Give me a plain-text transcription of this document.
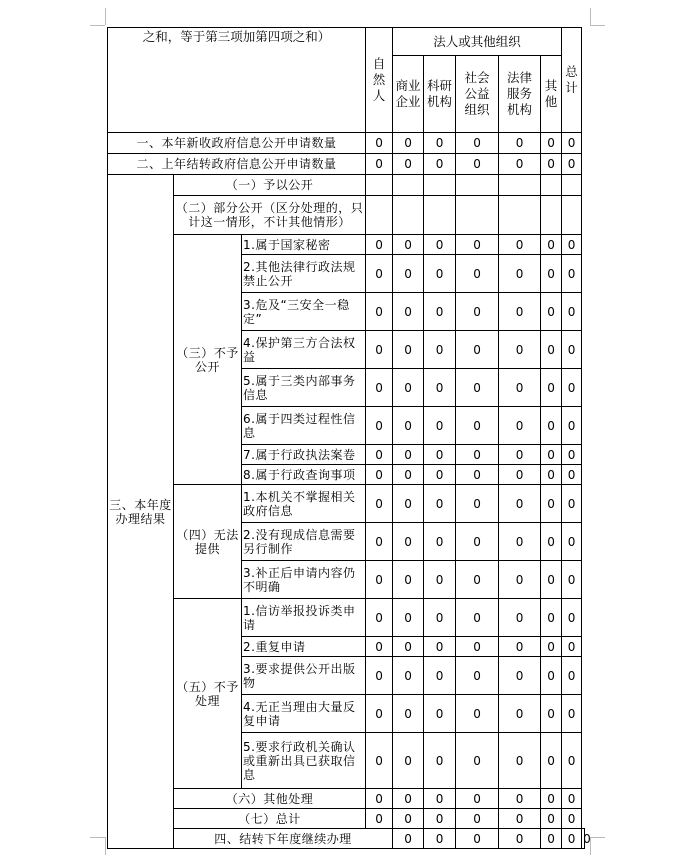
之和，等于第三项加第四项之和）			自然人	法人或其他组织					总计	
				商业企业	科研机构	社会公益组织	法律服务机构	其他		
一、本年新收政府信息公开申请数量			0	0	0	0	0	0	0	
二、上年结转政府信息公开申请数量			0	0	0	0	0	0	0	
三、本年度办理结果	（一）予以公开									
	（二）部分公开（区分处理的，只计这一情形，不计其他情形）									
	（三）不予公开	1.属于国家秘密	0	0	0	0	0	0	0	
		2.其他法律行政法规禁止公开	0	0	0	0	0	0	0	
		3.危及“三安全一稳定”	0	0	0	0	0	0	0	
		4.保护第三方合法权益	0	0	0	0	0	0	0	
		5.属于三类内部事务信息	0	0	0	0	0	0	0	
		6.属于四类过程性信息	0	0	0	0	0	0	0	
		7.属于行政执法案卷	0	0	0	0	0	0	0	
		8.属于行政查询事项	0	0	0	0	0	0	0	
	（四）无法提供	1.本机关不掌握相关政府信息	0	0	0	0	0	0	0	
		2.没有现成信息需要另行制作	0	0	0	0	0	0	0	
		3.补正后申请内容仍不明确	0	0	0	0	0	0	0	
	（五）不予处理	1.信访举报投诉类申请	0	0	0	0	0	0	0	
		2.重复申请	0	0	0	0	0	0	0	
		3.要求提供公开出版物	0	0	0	0	0	0	0	
		4.无正当理由大量反复申请	0	0	0	0	0	0	0	
		5.要求行政机关确认或重新出具已获取信息	0	0	0	0	0	0	0	
	（六）其他处理		0	0	0	0	0	0	0	
	（七）总计		0	0	0	0	0	0	0	
	四、结转下年度继续办理			0	0	0	0	0	0	0
